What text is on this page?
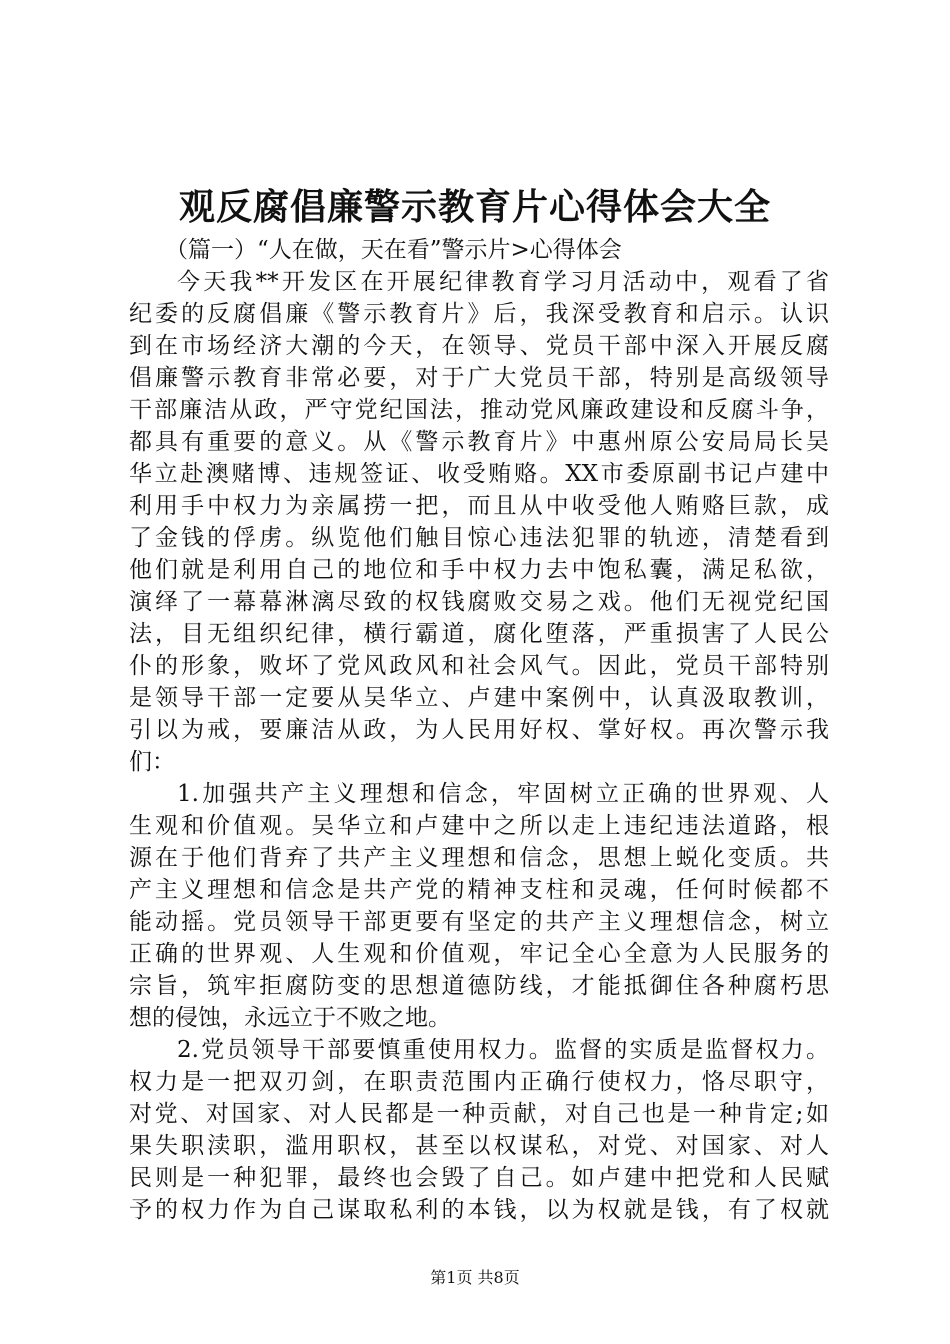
观反腐倡廉警示教育片心得体会大全
（篇一）“人在做，天在看”警示片>心得体会
今天我**开发区在开展纪律教育学习月活动中，观看了省
纪委的反腐倡廉《警示教育片》后，我深受教育和启示。认识
到在市场经济大潮的今天，在领导、党员干部中深入开展反腐
倡廉警示教育非常必要，对于广大党员干部，特别是高级领导
干部廉洁从政，严守党纪国法，推动党风廉政建设和反腐斗争，
都具有重要的意义。从《警示教育片》中惠州原公安局局长吴
华立赴澳赌博、违规签证、收受贿赂。XX市委原副书记卢建中
利用手中权力为亲属捞一把，而且从中收受他人贿赂巨款，成
了金钱的俘虏。纵览他们触目惊心违法犯罪的轨迹，清楚看到
他们就是利用自己的地位和手中权力去中饱私囊，满足私欲，
演绎了一幕幕淋漓尽致的权钱腐败交易之戏。他们无视党纪国
法，目无组织纪律，横行霸道，腐化堕落，严重损害了人民公
仆的形象，败坏了党风政风和社会风气。因此，党员干部特别
是领导干部一定要从吴华立、卢建中案例中，认真汲取教训，
引以为戒，要廉洁从政，为人民用好权、掌好权。再次警示我
们：
1.加强共产主义理想和信念，牢固树立正确的世界观、人
生观和价值观。吴华立和卢建中之所以走上违纪违法道路，根
源在于他们背弃了共产主义理想和信念，思想上蜕化变质。共
产主义理想和信念是共产党的精神支柱和灵魂，任何时候都不
能动摇。党员领导干部更要有坚定的共产主义理想信念，树立
正确的世界观、人生观和价值观，牢记全心全意为人民服务的
宗旨，筑牢拒腐防变的思想道德防线，才能抵御住各种腐朽思
想的侵蚀，永远立于不败之地。
2.党员领导干部要慎重使用权力。监督的实质是监督权力。
权力是一把双刃剑，在职责范围内正确行使权力，恪尽职守，
对党、对国家、对人民都是一种贡献，对自己也是一种肯定;如
果失职渎职，滥用职权，甚至以权谋私，对党、对国家、对人
民则是一种犯罪，最终也会毁了自己。如卢建中把党和人民赋
予的权力作为自己谋取私利的本钱，以为权就是钱，有了权就
第1页 共8页
